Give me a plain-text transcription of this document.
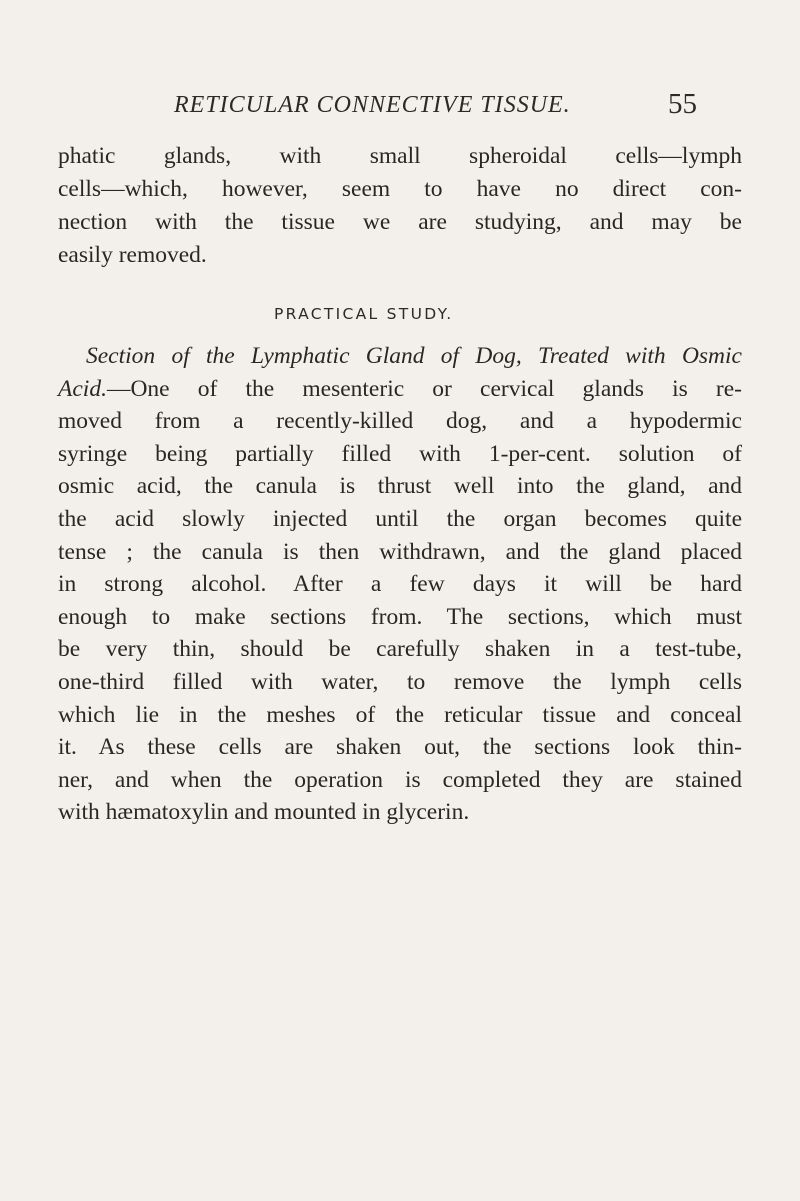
RETICULAR CONNECTIVE TISSUE.	55
phatic glands, with small spheroidal cells—lymph
cells—which, however, seem to have no direct con-
nection with the tissue we are studying, and may be
easily removed.
PRACTICAL STUDY.
Section of the Lymphatic Gland of Dog, Treated with Osmic
Acid.—One of the mesenteric or cervical glands is re-
moved from a recently-killed dog, and a hypodermic
syringe being partially filled with 1-per-cent. solution of
osmic acid, the canula is thrust well into the gland, and
the acid slowly injected until the organ becomes quite
tense ; the canula is then withdrawn, and the gland placed
in strong alcohol. After a few days it will be hard
enough to make sections from. The sections, which must
be very thin, should be carefully shaken in a test-tube,
one-third filled with water, to remove the lymph cells
which lie in the meshes of the reticular tissue and conceal
it. As these cells are shaken out, the sections look thin-
ner, and when the operation is completed they are stained
with hæmatoxylin and mounted in glycerin.
